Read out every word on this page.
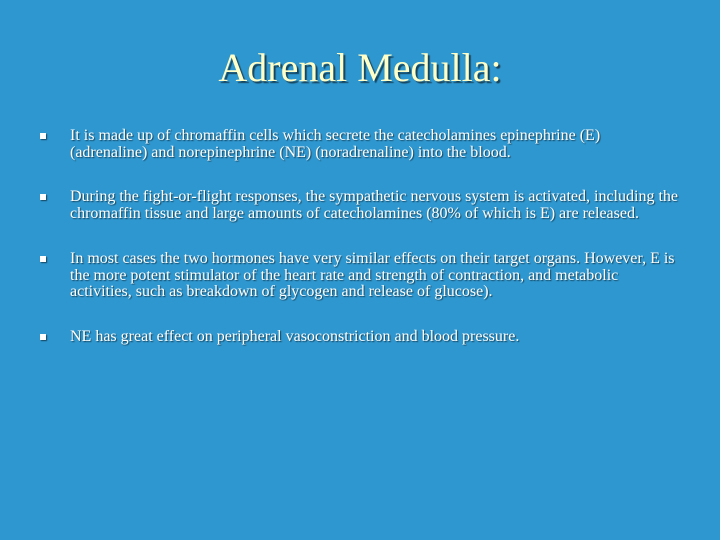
Adrenal Medulla:
It is made up of chromaffin cells which secrete the catecholamines epinephrine (E) (adrenaline) and norepinephrine (NE) (noradrenaline) into the blood.
During the fight-or-flight responses, the sympathetic nervous system is activated, including the chromaffin tissue and large amounts of catecholamines (80% of which is E) are released.
In most cases the two hormones have very similar effects on their target organs. However, E is the more potent stimulator of the heart rate and strength of contraction, and metabolic activities, such as breakdown of glycogen and release of glucose).
NE has great effect on peripheral vasoconstriction and blood pressure.
